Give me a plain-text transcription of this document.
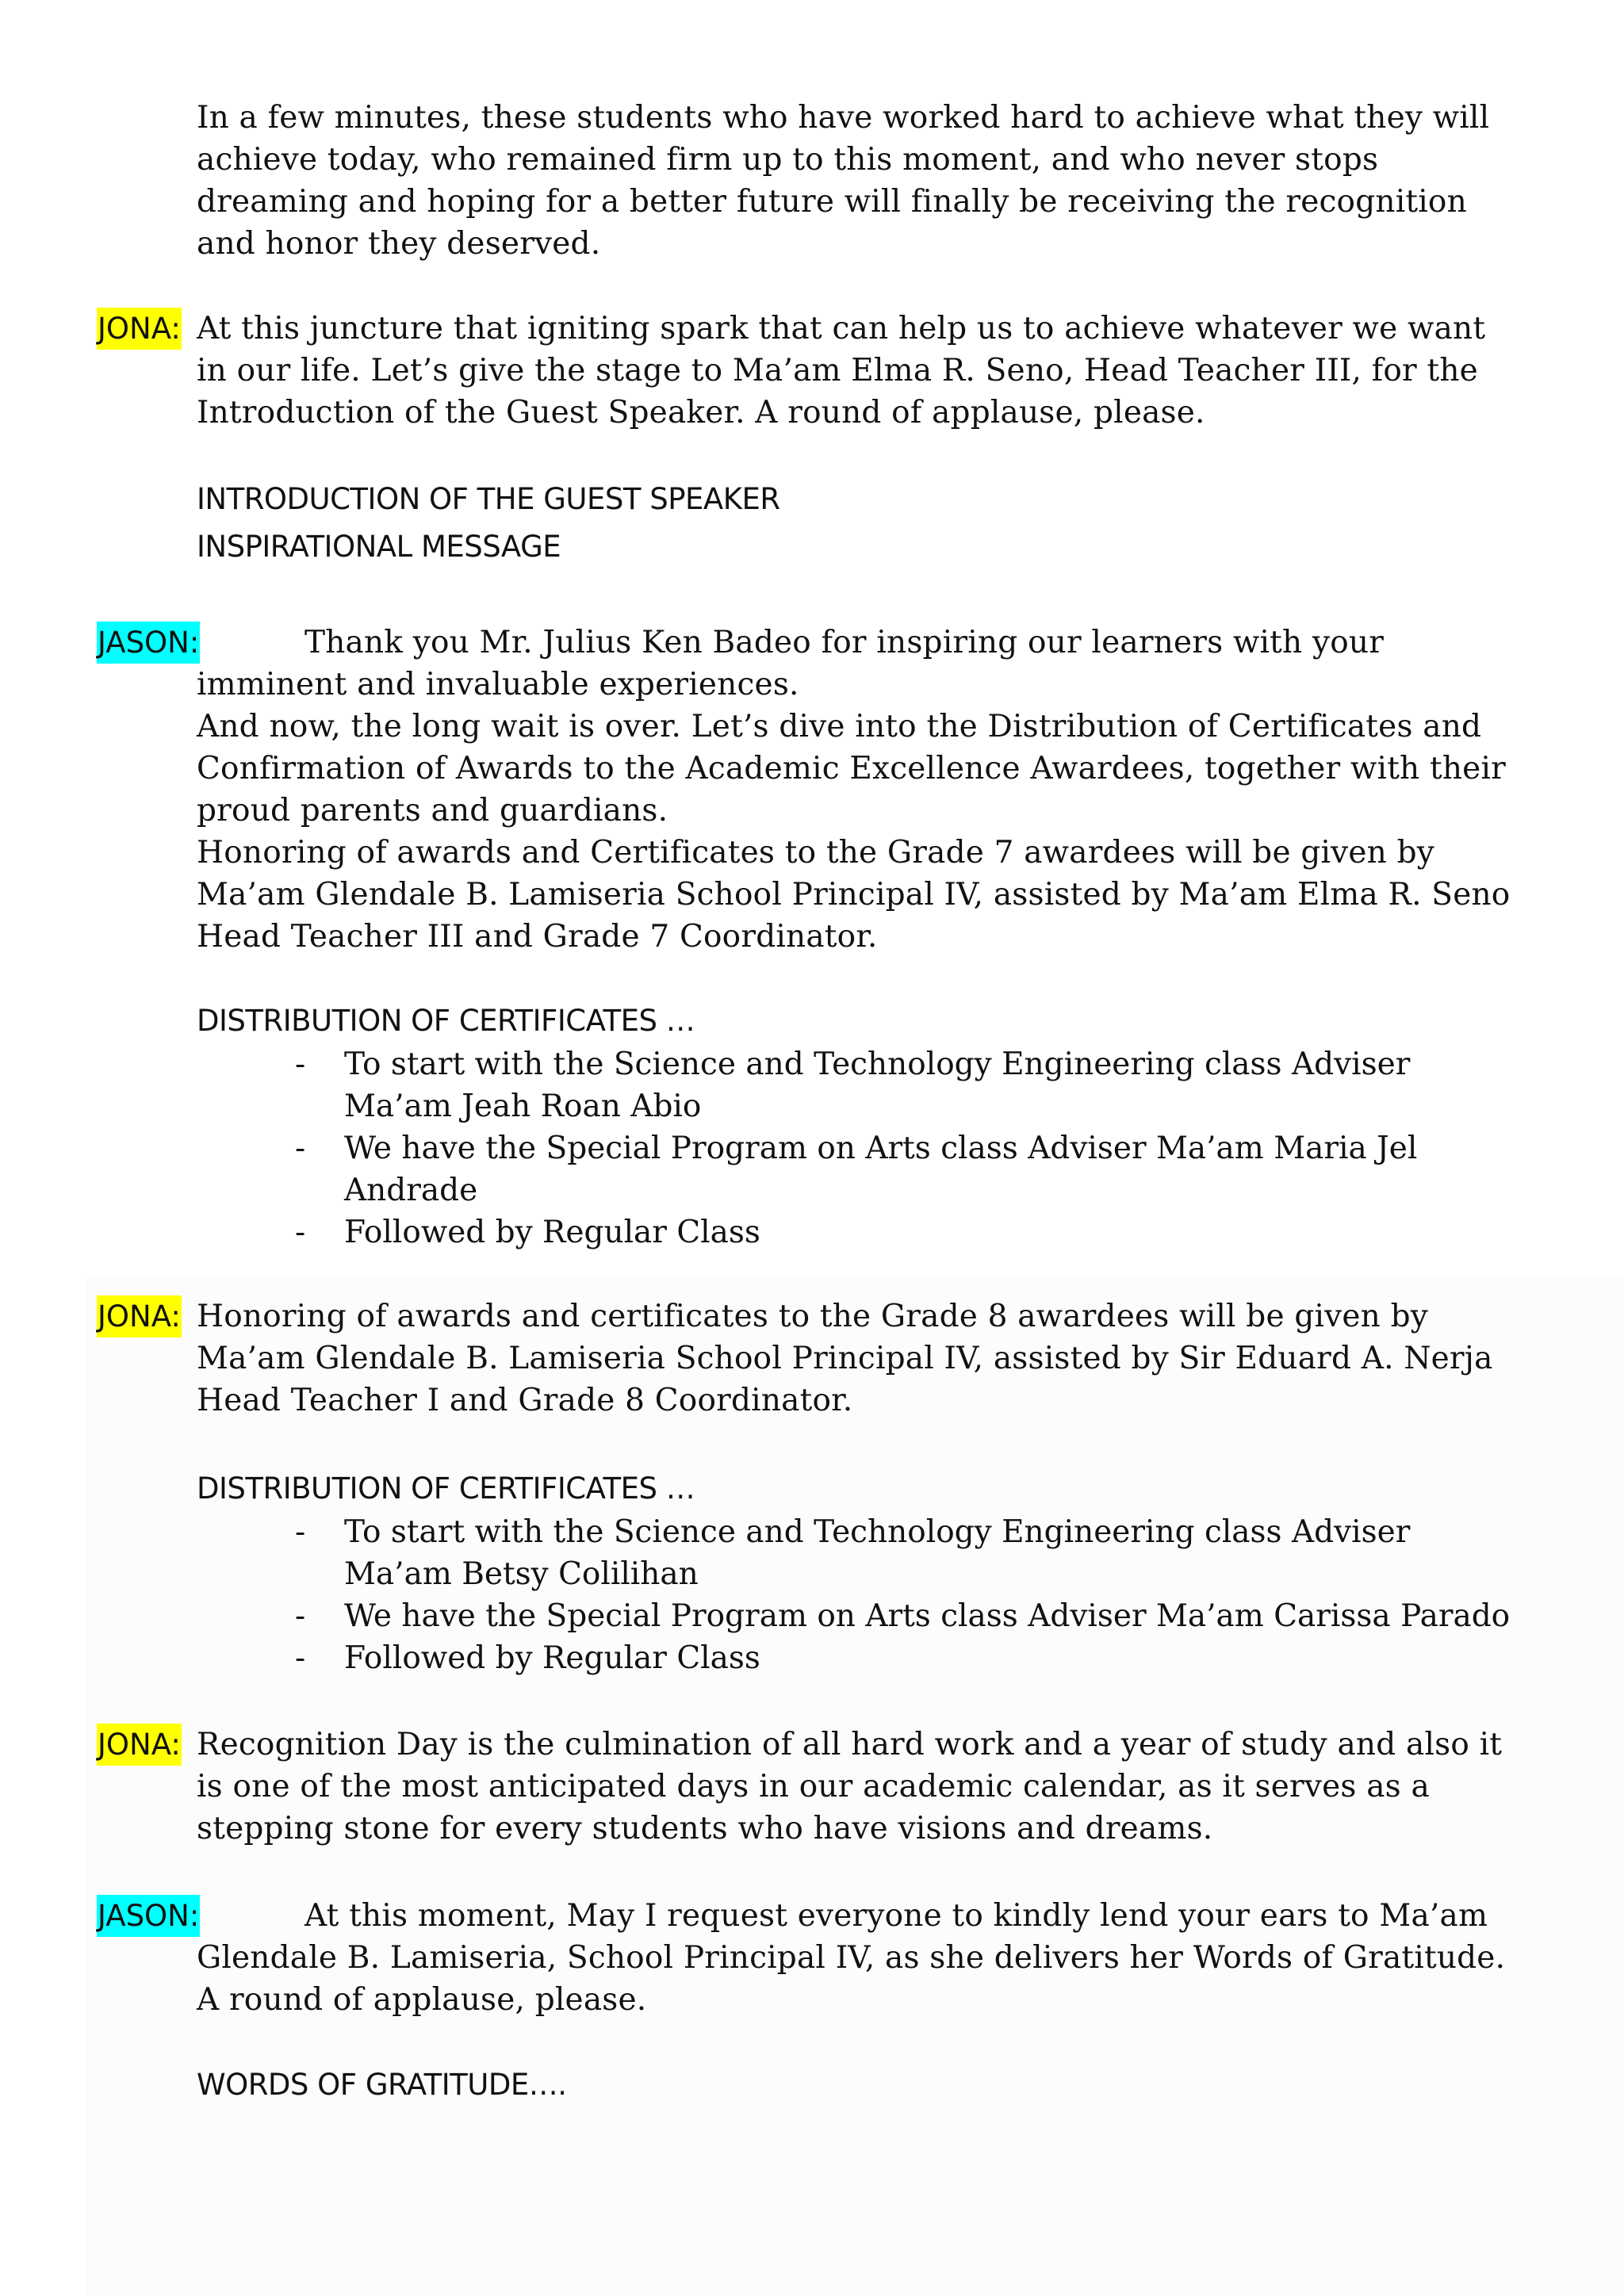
In a few minutes, these students who have worked hard to achieve what they will
achieve today, who remained firm up to this moment, and who never stops
dreaming and hoping for a better future will finally be receiving the recognition
and honor they deserved.
JONA: At this juncture that igniting spark that can help us to achieve whatever we want
in our life. Let’s give the stage to Ma’am Elma R. Seno, Head Teacher III, for the
Introduction of the Guest Speaker. A round of applause, please.
INTRODUCTION OF THE GUEST SPEAKER
INSPIRATIONAL MESSAGE
JASON:	Thank you Mr. Julius Ken Badeo for inspiring our learners with your
imminent and invaluable experiences.
And now, the long wait is over. Let’s dive into the Distribution of Certificates and
Confirmation of Awards to the Academic Excellence Awardees, together with their
proud parents and guardians.
Honoring of awards and Certificates to the Grade 7 awardees will be given by
Ma’am Glendale B. Lamiseria School Principal IV, assisted by Ma’am Elma R. Seno
Head Teacher III and Grade 7 Coordinator.
DISTRIBUTION OF CERTIFICATES …
- To start with the Science and Technology Engineering class Adviser
Ma’am Jeah Roan Abio
- We have the Special Program on Arts class Adviser Ma’am Maria Jel
Andrade
- Followed by Regular Class
JONA: Honoring of awards and certificates to the Grade 8 awardees will be given by
Ma’am Glendale B. Lamiseria School Principal IV, assisted by Sir Eduard A. Nerja
Head Teacher I and Grade 8 Coordinator.
DISTRIBUTION OF CERTIFICATES …
- To start with the Science and Technology Engineering class Adviser
Ma’am Betsy Colilihan
- We have the Special Program on Arts class Adviser Ma’am Carissa Parado
- Followed by Regular Class
JONA: Recognition Day is the culmination of all hard work and a year of study and also it
is one of the most anticipated days in our academic calendar, as it serves as a
stepping stone for every students who have visions and dreams.
JASON:	At this moment, May I request everyone to kindly lend your ears to Ma’am
Glendale B. Lamiseria, School Principal IV, as she delivers her Words of Gratitude.
A round of applause, please.
WORDS OF GRATITUDE….
